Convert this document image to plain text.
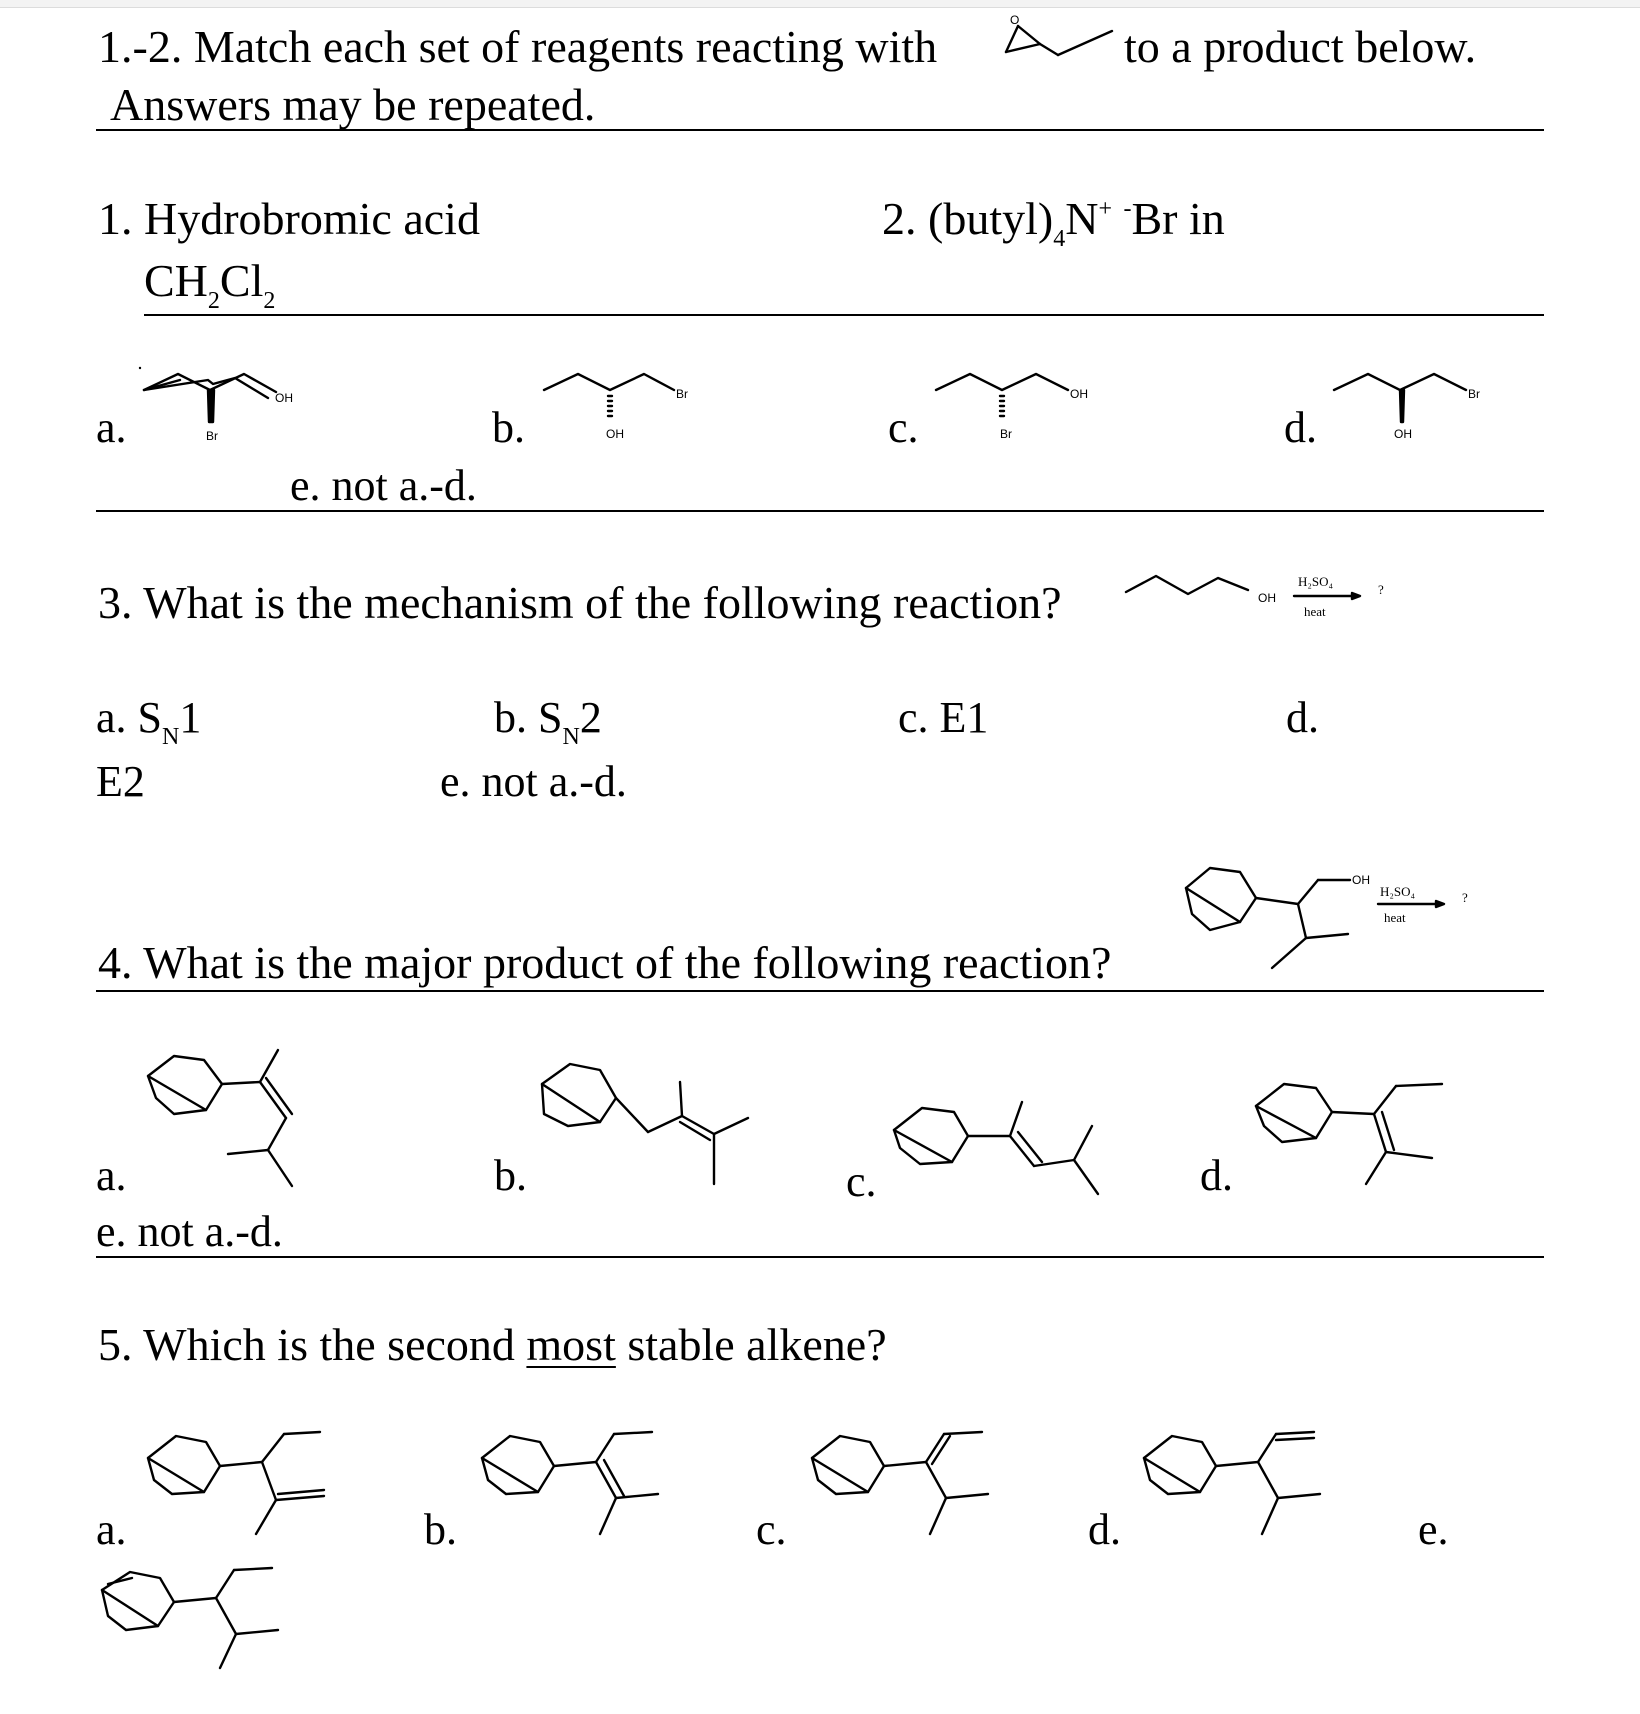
1.-2. Match each set of reagents reacting with
O
to a product below.
Answers may be repeated.
1. Hydrobromic acid
$CH_2Cl_2$
2. $(butyl)_4N^+$ -Br in
a.
OH
Br	b.
Br
OH	c.
OH
Br	d.
Br
OH
e. not a.-d.
3. What is the mechanism of the following reaction?	OH
H₂SO₄
heat
?
a. $S_N1$	b. $S_N2$	c. E1	d.
E2	e. not a.-d.
OH
H₂SO₄
heat
?
4. What is the major product of the following reaction?
a.	b.	c.	d.
e. not a.-d.
5. Which is the second most stable alkene?
a.	b.	c.	d.	e.
